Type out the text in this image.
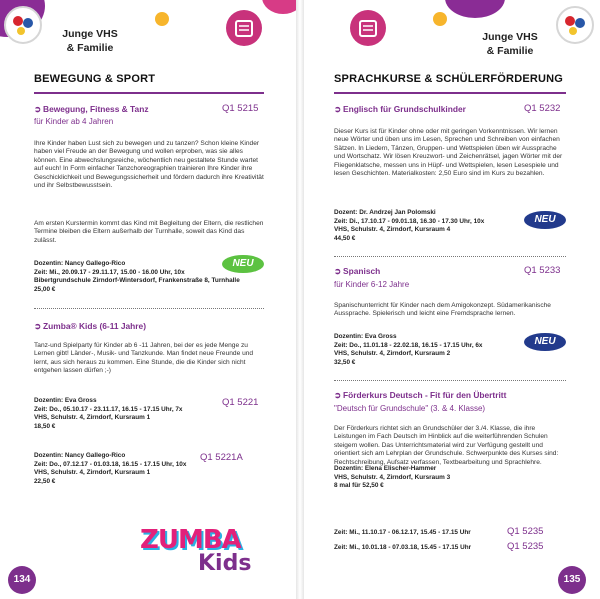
Junge VHS
& Familie
BEWEGUNG & SPORT
➲ Bewegung, Fitness & Tanz	Q1 5215
für Kinder ab 4 Jahren
Ihre Kinder haben Lust sich zu bewegen und zu tanzen? Schon kleine Kinder haben viel Freude an der Bewegung und wollen erproben, was sie alles können. Eine abwechslungsreiche, wöchentlich neu gestaltete Stunde wartet auf euch! In Form einfacher Tanzchoreographien trainieren Ihre Kinder ihre Geschicklichkeit und Bewegungssicherheit und fördern dadurch ihre Kreativität und ihr Selbstbewusstsein.
Am ersten Kurstermin kommt das Kind mit Begleitung der Eltern, die restlichen Termine bleiben die Eltern außerhalb der Turnhalle, soweit das Kind das zulässt.

Dozentin: Nancy Gallego-Rico

Zeit: Mi., 20.09.17 - 29.11.17, 15.00 - 16.00 Uhr, 10x

Bibertgrundschule Zirndorf-Wintersdorf, Frankenstraße 8, Turnhalle

25,00 €

NEU
➲ Zumba® Kids (6-11 Jahre)
Tanz-und Spielparty für Kinder ab 6 -11 Jahren, bei der es jede Menge zu Lernen gibt! Länder-, Musik- und Tanzkunde. Man findet neue Freunde und lernt, aus sich heraus zu kommen. Eine Stunde, die die Kinder sich nicht entgehen lassen dürfen ;-)

Dozentin: Eva Gross

Zeit: Do., 05.10.17 - 23.11.17, 16.15 - 17.15 Uhr, 7x

VHS, Schulstr. 4, Zirndorf, Kursraum 1

18,50 €

Q1 5221

Dozentin: Nancy Gallego-Rico

Zeit: Do., 07.12.17 - 01.03.18, 16.15 - 17.15 Uhr, 10x

VHS, Schulstr. 4, Zirndorf, Kursraum 1

22,50 €

Q1 5221A
ZUMBA
Kids
134
Junge VHS
& Familie
SPRACHKURSE & SCHÜLERFÖRDERUNG
➲ Englisch für Grundschulkinder	Q1 5232
Dieser Kurs ist für Kinder ohne oder mit geringen Vorkenntnissen. Wir lernen neue Wörter und üben uns im Lesen, Sprechen und Schreiben von einfachen Sätzen. In Liedern, Tänzen, Gruppen- und Wettspielen üben wir Aussprache und Wortschatz. Wir lösen Kreuzwort- und Zeichenrätsel, jagen Wörter mit der Fliegenklatsche, messen uns in Hüpf- und Wettspielen, lesen Lesespiele und lesen Geschichten. Materialkosten: 2,50 Euro sind im Kurs zu bezahlen.

Dozent: Dr. Andrzej Jan Polomski

Zeit: Di., 17.10.17 - 09.01.18, 16.30 - 17.30 Uhr, 10x

VHS, Schulstr. 4, Zirndorf, Kursraum 4

44,50 €

NEU
➲ Spanisch	Q1 5233
für Kinder 6-12 Jahre
Spanischunterricht für Kinder nach dem Amigokonzept. Südamerikanische Aussprache. Spielerisch und leicht eine Fremdsprache lernen.

Dozentin: Eva Gross

Zeit: Do., 11.01.18 - 22.02.18, 16.15 - 17.15 Uhr, 6x

VHS, Schulstr. 4, Zirndorf, Kursraum 2

32,50 €

NEU
➲ Förderkurs Deutsch - Fit für den Übertritt
"Deutsch für Grundschule" (3. & 4. Klasse)
Der Förderkurs richtet sich an Grundschüler der 3./4. Klasse, die ihre Leistungen im Fach Deutsch im Hinblick auf die weiterführenden Schulen steigern wollen. Das Unterrichtsmaterial wird zur Verfügung gestellt und orientiert sich am Lehrplan der Grundschule. Schwerpunkte des Kurses sind: Rechtschreibung, Aufsatz verfassen, Textbearbeitung und Sprachlehre.

Dozentin: Elena Elischer-Hammer

VHS, Schulstr. 4, Zirndorf, Kursraum 3

8 mal für 52,50 €

Zeit: Mi., 11.10.17 - 06.12.17, 15.45 - 17.15 Uhr	Q1 5235
Zeit: Mi., 10.01.18 - 07.03.18, 15.45 - 17.15 Uhr	Q1 5235
135
